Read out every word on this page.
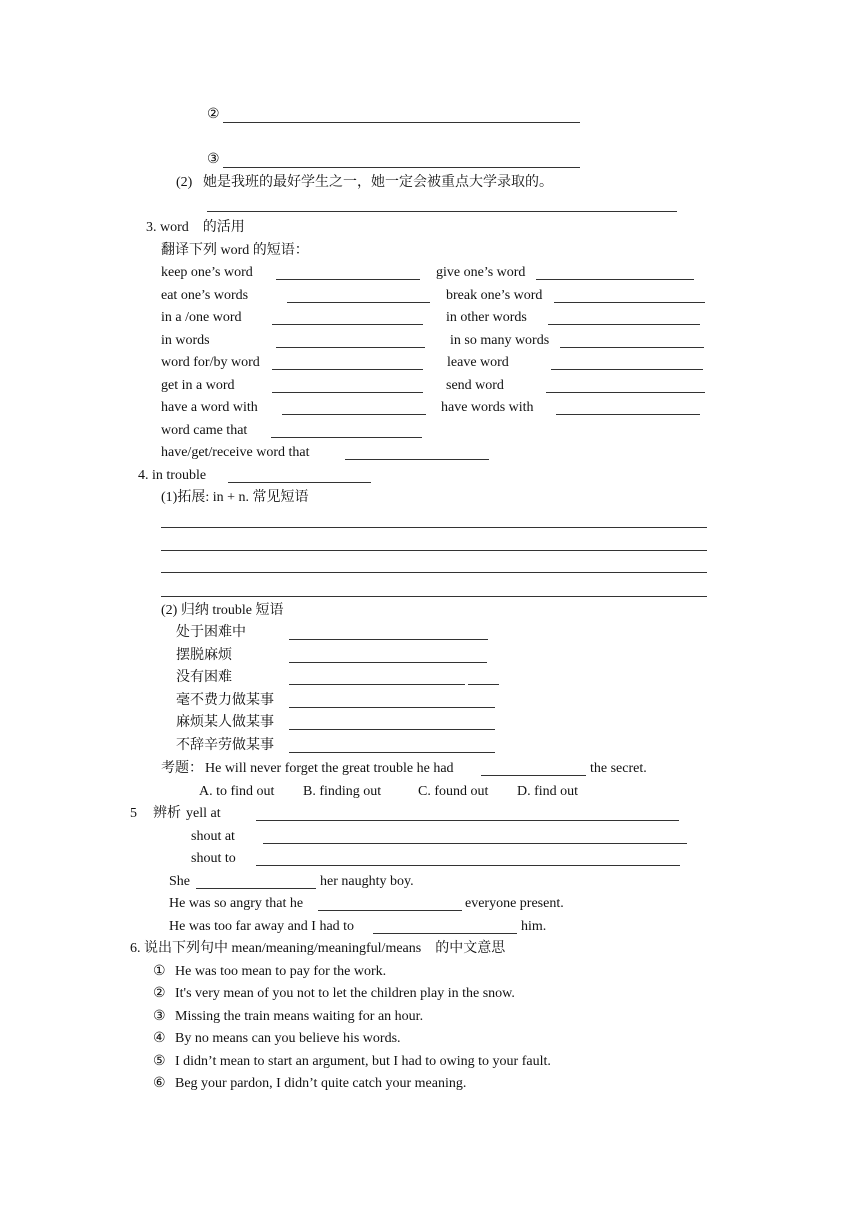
②
③
(2) 她是我班的最好学生之一，她一定会被重点大学录取的。
3. word　的活用
翻译下列 word 的短语：
keep one’s word	give one’s word
eat one’s words	break one’s word
in a /one word	in other words
in words	in so many words
word for/by word	leave word
get in a word	send word
have a word with	have words with
word came that
have/get/receive word that
4. in trouble
(1)拓展: in + n. 常见短语
(2) 归纳 trouble 短语
处于困难中
摆脱麻烦
没有困难
毫不费力做某事
麻烦某人做某事
不辞辛劳做某事
考题： He will never forget the great trouble he had	the secret.
A. to find out B. finding out	C. found out D. find out
5 辨析 yell at
shout at
shout to
She	her naughty boy.
He was so angry that he	everyone present.
He was too far away and I had to	him.
6. 说出下列句中 mean/meaning/meaningful/means　的中文意思
① He was too mean to pay for the work.
② It's very mean of you not to let the children play in the snow.
③ Missing the train means waiting for an hour.
④ By no means can you believe his words.
⑤ I didn’t mean to start an argument, but I had to owing to your fault.
⑥ Beg your pardon, I didn’t quite catch your meaning.
